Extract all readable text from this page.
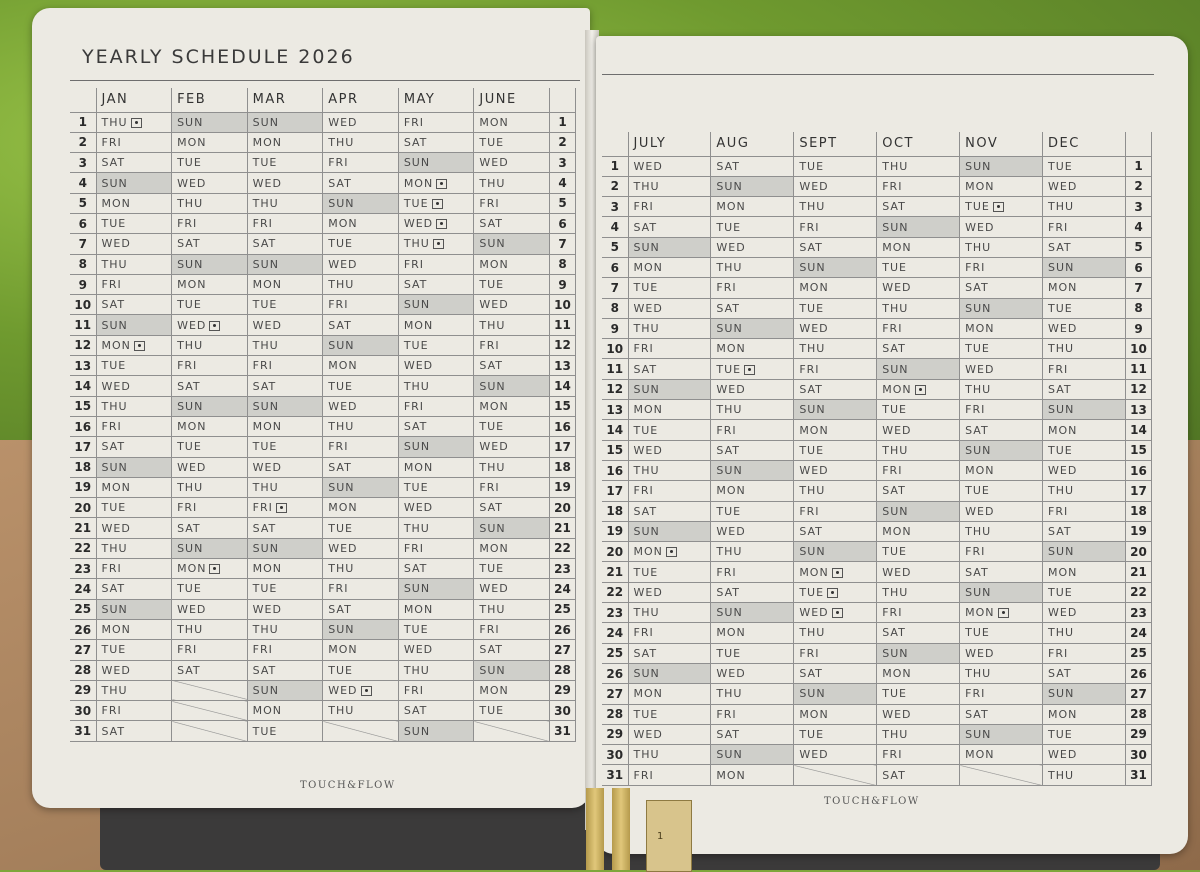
YEARLY SCHEDULE 2026
	JAN	FEB	MAR	APR	MAY	JUNE	
1	THU	SUN	SUN	WED	FRI	MON	1
2	FRI	MON	MON	THU	SAT	TUE	2
3	SAT	TUE	TUE	FRI	SUN	WED	3
4	SUN	WED	WED	SAT	MON	THU	4
5	MON	THU	THU	SUN	TUE	FRI	5
6	TUE	FRI	FRI	MON	WED	SAT	6
7	WED	SAT	SAT	TUE	THU	SUN	7
8	THU	SUN	SUN	WED	FRI	MON	8
9	FRI	MON	MON	THU	SAT	TUE	9
10	SAT	TUE	TUE	FRI	SUN	WED	10
11	SUN	WED	WED	SAT	MON	THU	11
12	MON	THU	THU	SUN	TUE	FRI	12
13	TUE	FRI	FRI	MON	WED	SAT	13
14	WED	SAT	SAT	TUE	THU	SUN	14
15	THU	SUN	SUN	WED	FRI	MON	15
16	FRI	MON	MON	THU	SAT	TUE	16
17	SAT	TUE	TUE	FRI	SUN	WED	17
18	SUN	WED	WED	SAT	MON	THU	18
19	MON	THU	THU	SUN	TUE	FRI	19
20	TUE	FRI	FRI	MON	WED	SAT	20
21	WED	SAT	SAT	TUE	THU	SUN	21
22	THU	SUN	SUN	WED	FRI	MON	22
23	FRI	MON	MON	THU	SAT	TUE	23
24	SAT	TUE	TUE	FRI	SUN	WED	24
25	SUN	WED	WED	SAT	MON	THU	25
26	MON	THU	THU	SUN	TUE	FRI	26
27	TUE	FRI	FRI	MON	WED	SAT	27
28	WED	SAT	SAT	TUE	THU	SUN	28
29	THU		SUN	WED	FRI	MON	29
30	FRI		MON	THU	SAT	TUE	30
31	SAT		TUE		SUN		31
TOUCH&FLOW
	JULY	AUG	SEPT	OCT	NOV	DEC	
1	WED	SAT	TUE	THU	SUN	TUE	1
2	THU	SUN	WED	FRI	MON	WED	2
3	FRI	MON	THU	SAT	TUE	THU	3
4	SAT	TUE	FRI	SUN	WED	FRI	4
5	SUN	WED	SAT	MON	THU	SAT	5
6	MON	THU	SUN	TUE	FRI	SUN	6
7	TUE	FRI	MON	WED	SAT	MON	7
8	WED	SAT	TUE	THU	SUN	TUE	8
9	THU	SUN	WED	FRI	MON	WED	9
10	FRI	MON	THU	SAT	TUE	THU	10
11	SAT	TUE	FRI	SUN	WED	FRI	11
12	SUN	WED	SAT	MON	THU	SAT	12
13	MON	THU	SUN	TUE	FRI	SUN	13
14	TUE	FRI	MON	WED	SAT	MON	14
15	WED	SAT	TUE	THU	SUN	TUE	15
16	THU	SUN	WED	FRI	MON	WED	16
17	FRI	MON	THU	SAT	TUE	THU	17
18	SAT	TUE	FRI	SUN	WED	FRI	18
19	SUN	WED	SAT	MON	THU	SAT	19
20	MON	THU	SUN	TUE	FRI	SUN	20
21	TUE	FRI	MON	WED	SAT	MON	21
22	WED	SAT	TUE	THU	SUN	TUE	22
23	THU	SUN	WED	FRI	MON	WED	23
24	FRI	MON	THU	SAT	TUE	THU	24
25	SAT	TUE	FRI	SUN	WED	FRI	25
26	SUN	WED	SAT	MON	THU	SAT	26
27	MON	THU	SUN	TUE	FRI	SUN	27
28	TUE	FRI	MON	WED	SAT	MON	28
29	WED	SAT	TUE	THU	SUN	TUE	29
30	THU	SUN	WED	FRI	MON	WED	30
31	FRI	MON		SAT		THU	31
TOUCH&FLOW
1
